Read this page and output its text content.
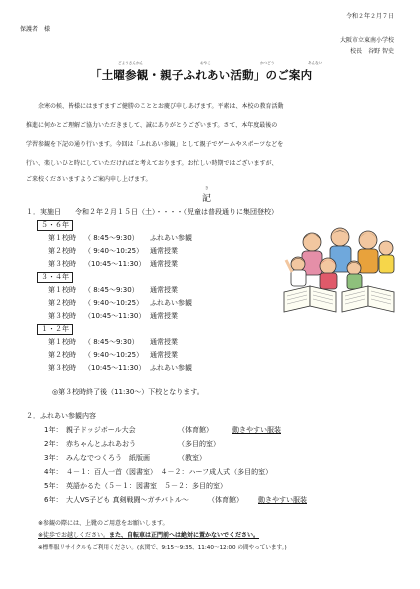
令和２年２月７日
保護者　様
大阪市立東南小学校
校長　谷野 智史
どようさんかん	おやこ	かつどう	あんない
「土曜参観・親子ふれあい活動」のご案内
余寒の候、皆様にはますますご健勝のこととお慶び申しあげます。平素は、本校の教育活動
推進に何かとご理解ご協力いただきまして、誠にありがとうございます。さて、本年度最後の
学習参観を下記の通り行います。今回は「ふれあい参観」として親子でゲームやスポーツなどを
行い、楽しいひと時にしていただければと考えております。お忙しい時期ではございますが、
ご来校くださいますようご案内申し上げます。
き
記
１．実施日　　令和２年２月１５日（土）・・・・（児童は普段通りに集団登校）
５・６年
第１校時 （ 8:45～9:30） ふれあい参観
第２校時 （ 9:40～10:25） 通常授業
第３校時 （10:45～11:30） 通常授業
３・４年
第１校時 （ 8:45～9:30） 通常授業
第２校時 （ 9:40～10:25） ふれあい参観
第３校時 （10:45～11:30） 通常授業
１・２年
第１校時 （ 8:45～9:30） 通常授業
第２校時 （ 9:40～10:25） 通常授業
第３校時 （10:45～11:30） ふれあい参観
◎第３校時終了後（11:30～）下校となります。
２．ふれあい参観内容
1年： 親子ドッジボール大会	（体育館）	動きやすい服装
2年： 赤ちゃんとふれあおう	（多目的室）
3年： みんなでつくろう　紙版画	（教室）
4年： ４－１：百人一首（図書室）　４－２：ハーフ成人式（多目的室）
5年： 英語かるた（５－１：図書室　５－２：多目的室）
6年： 大人VS子ども 真剣戦闘～ガチバトル～	（体育館） 動きやすい服装
※参観の際には、上靴のご用意をお願いします。
※徒歩でお越しください。また、自転車は正門前へは絶対に置かないでください。
※標準服リサイクルもご利用ください。(玄関で、9:15～9:35、11:40～12:00 の間やっています。)
